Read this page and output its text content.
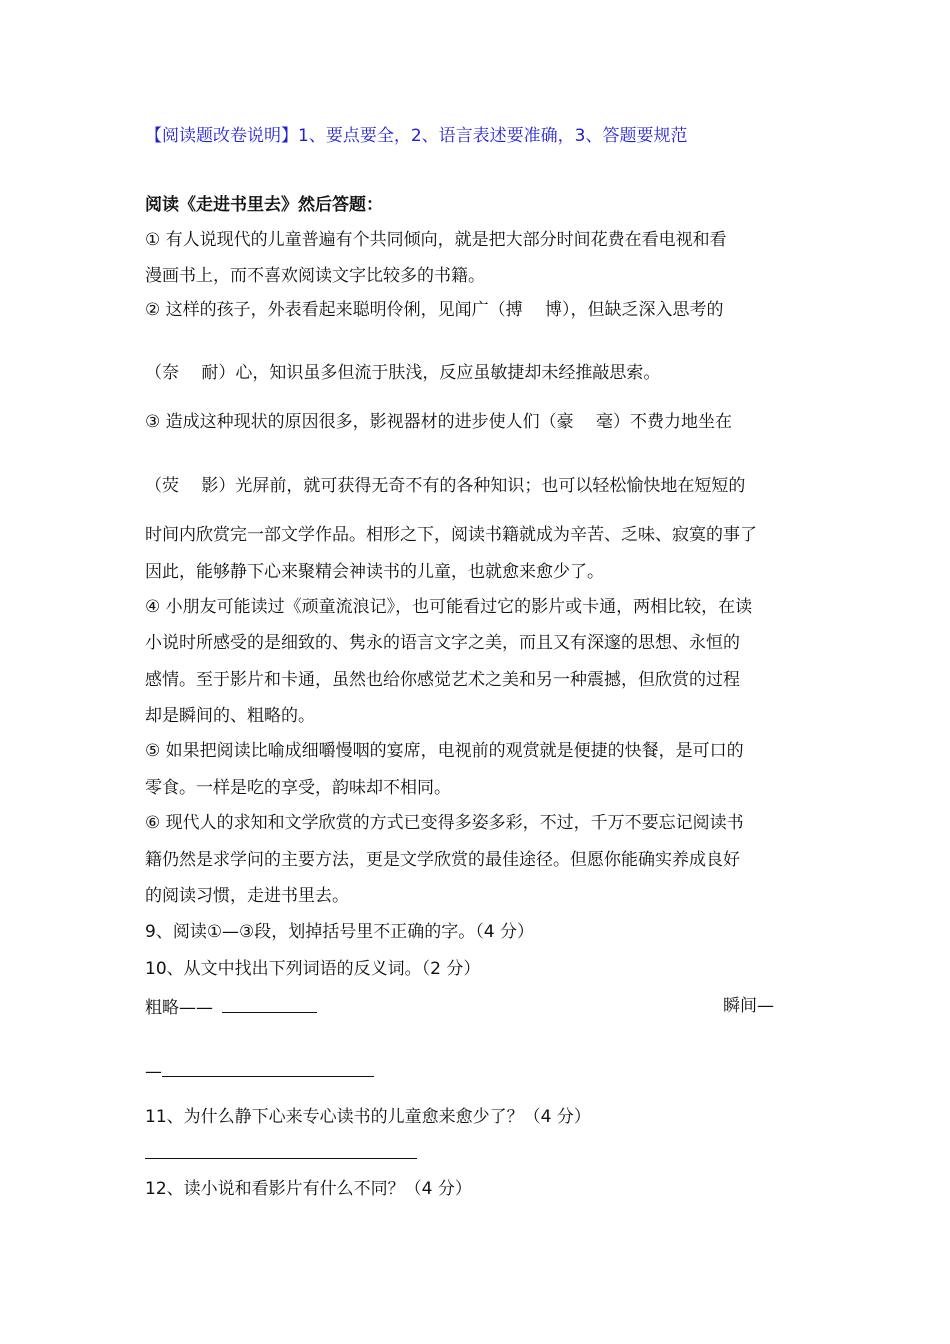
【阅读题改卷说明】1、要点要全，2、语言表述要准确，3、答题要规范
阅读《走进书里去》然后答题：
① 有人说现代的儿童普遍有个共同倾向，就是把大部分时间花费在看电视和看
漫画书上，而不喜欢阅读文字比较多的书籍。
② 这样的孩子，外表看起来聪明伶俐，见闻广（搏　 博），但缺乏深入思考的
（奈　 耐）心，知识虽多但流于肤浅，反应虽敏捷却未经推敲思索。
③ 造成这种现状的原因很多，影视器材的进步使人们（豪　 毫）不费力地坐在
（荧　 影）光屏前，就可获得无奇不有的各种知识；也可以轻松愉快地在短短的
时间内欣赏完一部文学作品。相形之下，阅读书籍就成为辛苦、乏味、寂寞的事了
因此，能够静下心来聚精会神读书的儿童，也就愈来愈少了。
④ 小朋友可能读过《顽童流浪记》，也可能看过它的影片或卡通，两相比较，在读
小说时所感受的是细致的、隽永的语言文字之美，而且又有深邃的思想、永恒的
感情。至于影片和卡通，虽然也给你感觉艺术之美和另一种震撼，但欣赏的过程
却是瞬间的、粗略的。
⑤ 如果把阅读比喻成细嚼慢咽的宴席，电视前的观赏就是便捷的快餐，是可口的
零食。一样是吃的享受，韵味却不相同。
⑥ 现代人的求知和文学欣赏的方式已变得多姿多彩，不过，千万不要忘记阅读书
籍仍然是求学问的主要方法，更是文学欣赏的最佳途径。但愿你能确实养成良好
的阅读习惯，走进书里去。
9、阅读①—③段，划掉括号里不正确的字。（4 分）
10、从文中找出下列词语的反义词。（2 分）
粗略——	瞬间—
—
11、为什么静下心来专心读书的儿童愈来愈少了？（4 分）
12、读小说和看影片有什么不同？（4 分）
